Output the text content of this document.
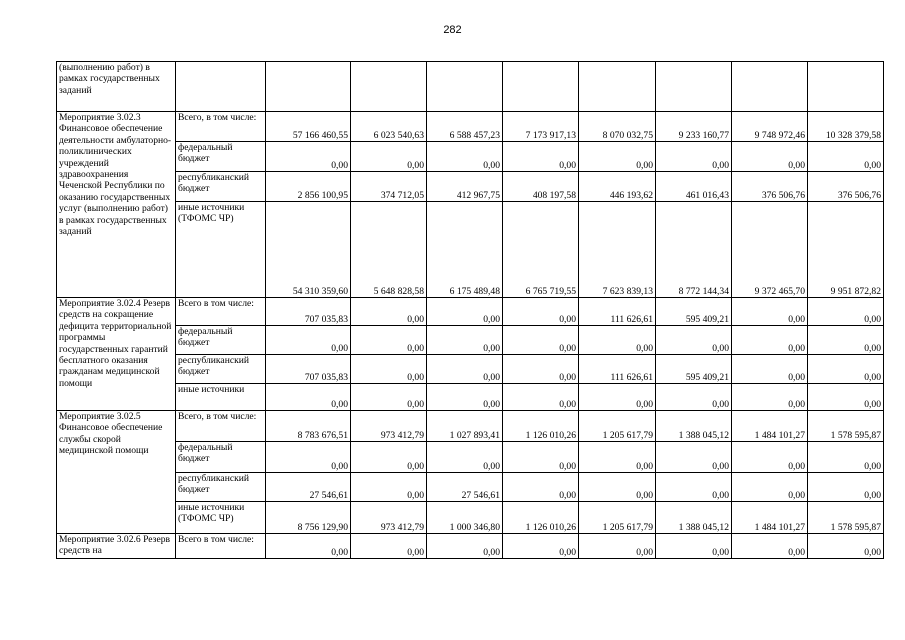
282
(выполнению работ) в рамках государственных заданий									
Мероприятие 3.02.3 Финансовое обеспечение деятельности амбулаторно-поликлинических учреждений здравоохранения Чеченской Республики по оказанию государственных услуг (выполнению работ) в рамках государственных заданий	Всего, в том числе:	57 166 460,55	6 023 540,63	6 588 457,23	7 173 917,13	8 070 032,75	9 233 160,77	9 748 972,46	10 328 379,58
	федеральный бюджет	0,00	0,00	0,00	0,00	0,00	0,00	0,00	0,00
	республиканский бюджет	2 856 100,95	374 712,05	412 967,75	408 197,58	446 193,62	461 016,43	376 506,76	376 506,76
	иные источники (ТФОМС ЧР)	54 310 359,60	5 648 828,58	6 175 489,48	6 765 719,55	7 623 839,13	8 772 144,34	9 372 465,70	9 951 872,82
Мероприятие 3.02.4 Резерв средств на сокращение дефицита территориальной программы государственных гарантий бесплатного оказания гражданам медицинской помощи	Всего в том числе:	707 035,83	0,00	0,00	0,00	111 626,61	595 409,21	0,00	0,00
	федеральный бюджет	0,00	0,00	0,00	0,00	0,00	0,00	0,00	0,00
	республиканский бюджет	707 035,83	0,00	0,00	0,00	111 626,61	595 409,21	0,00	0,00
	иные источники	0,00	0,00	0,00	0,00	0,00	0,00	0,00	0,00
Мероприятие 3.02.5 Финансовое обеспечение службы скорой медицинской помощи	Всего, в том числе:	8 783 676,51	973 412,79	1 027 893,41	1 126 010,26	1 205 617,79	1 388 045,12	1 484 101,27	1 578 595,87
	федеральный бюджет	0,00	0,00	0,00	0,00	0,00	0,00	0,00	0,00
	республиканский бюджет	27 546,61	0,00	27 546,61	0,00	0,00	0,00	0,00	0,00
	иные источники (ТФОМС ЧР)	8 756 129,90	973 412,79	1 000 346,80	1 126 010,26	1 205 617,79	1 388 045,12	1 484 101,27	1 578 595,87
Мероприятие 3.02.6 Резерв средств на	Всего в том числе:	0,00	0,00	0,00	0,00	0,00	0,00	0,00	0,00
